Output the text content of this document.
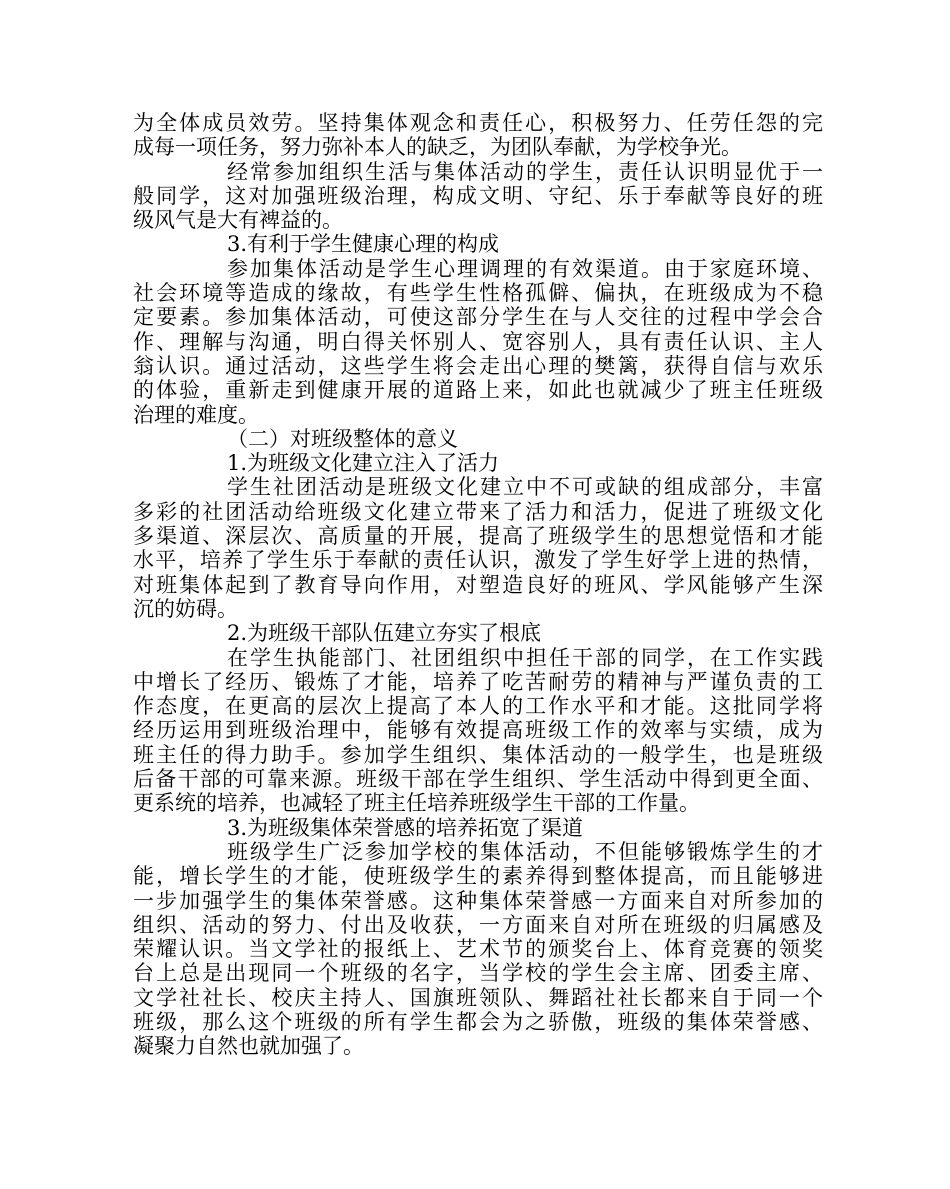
为全体成员效劳。坚持集体观念和责任心，积极努力、任劳任怨的完
成每一项任务，努力弥补本人的缺乏，为团队奉献，为学校争光。
经常参加组织生活与集体活动的学生，责任认识明显优于一
般同学，这对加强班级治理，构成文明、守纪、乐于奉献等良好的班
级风气是大有裨益的。
3.有利于学生健康心理的构成
参加集体活动是学生心理调理的有效渠道。由于家庭环境、
社会环境等造成的缘故，有些学生性格孤僻、偏执，在班级成为不稳
定要素。参加集体活动，可使这部分学生在与人交往的过程中学会合
作、理解与沟通，明白得关怀别人、宽容别人，具有责任认识、主人
翁认识。通过活动，这些学生将会走出心理的樊篱，获得自信与欢乐
的体验，重新走到健康开展的道路上来，如此也就减少了班主任班级
治理的难度。
（二）对班级整体的意义
1.为班级文化建立注入了活力
学生社团活动是班级文化建立中不可或缺的组成部分，丰富
多彩的社团活动给班级文化建立带来了活力和活力，促进了班级文化
多渠道、深层次、高质量的开展，提高了班级学生的思想觉悟和才能
水平，培养了学生乐于奉献的责任认识，激发了学生好学上进的热情，
对班集体起到了教育导向作用，对塑造良好的班风、学风能够产生深
沉的妨碍。
2.为班级干部队伍建立夯实了根底
在学生执能部门、社团组织中担任干部的同学，在工作实践
中增长了经历、锻炼了才能，培养了吃苦耐劳的精神与严谨负责的工
作态度，在更高的层次上提高了本人的工作水平和才能。这批同学将
经历运用到班级治理中，能够有效提高班级工作的效率与实绩，成为
班主任的得力助手。参加学生组织、集体活动的一般学生，也是班级
后备干部的可靠来源。班级干部在学生组织、学生活动中得到更全面、
更系统的培养，也减轻了班主任培养班级学生干部的工作量。
3.为班级集体荣誉感的培养拓宽了渠道
班级学生广泛参加学校的集体活动，不但能够锻炼学生的才
能，增长学生的才能，使班级学生的素养得到整体提高，而且能够进
一步加强学生的集体荣誉感。这种集体荣誉感一方面来自对所参加的
组织、活动的努力、付出及收获，一方面来自对所在班级的归属感及
荣耀认识。当文学社的报纸上、艺术节的颁奖台上、体育竞赛的领奖
台上总是出现同一个班级的名字，当学校的学生会主席、团委主席、
文学社社长、校庆主持人、国旗班领队、舞蹈社社长都来自于同一个
班级，那么这个班级的所有学生都会为之骄傲，班级的集体荣誉感、
凝聚力自然也就加强了。
